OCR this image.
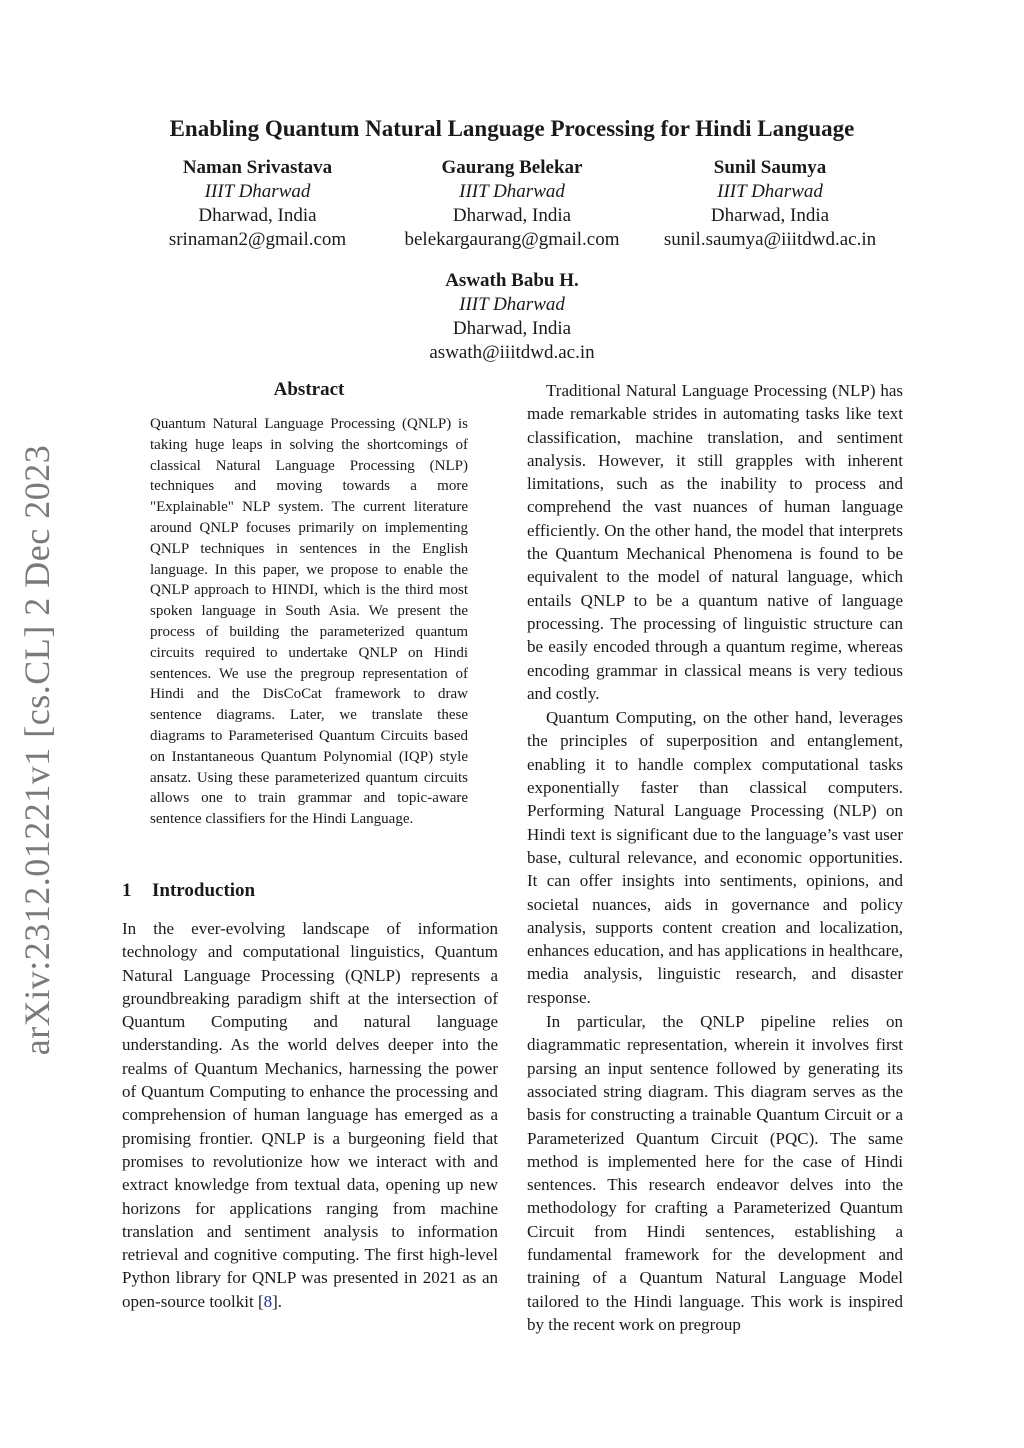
arXiv:2312.01221v1 [cs.CL] 2 Dec 2023
Enabling Quantum Natural Language Processing for Hindi Language
Naman Srivastava
IIIT Dharwad
Dharwad, India
srinaman2@gmail.com
Gaurang Belekar
IIIT Dharwad
Dharwad, India
belekargaurang@gmail.com
Sunil Saumya
IIIT Dharwad
Dharwad, India
sunil.saumya@iiitdwd.ac.in
Aswath Babu H.
IIIT Dharwad
Dharwad, India
aswath@iiitdwd.ac.in
Abstract

Quantum Natural Language Processing (QNLP) is taking huge leaps in solving the shortcomings of classical Natural Language Processing (NLP) techniques and moving towards a more "Explainable" NLP system. The current literature around QNLP focuses primarily on implementing QNLP techniques in sentences in the English language. In this paper, we propose to enable the QNLP approach to HINDI, which is the third most spoken language in South Asia. We present the process of building the parameterized quantum circuits required to undertake QNLP on Hindi sentences. We use the pregroup representation of Hindi and the DisCoCat framework to draw sentence diagrams. Later, we translate these diagrams to Parameterised Quantum Circuits based on Instantaneous Quantum Polynomial (IQP) style ansatz. Using these parameterized quantum circuits allows one to train grammar and topic-aware sentence classifiers for the Hindi Language.

1 Introduction

In the ever-evolving landscape of information technology and computational linguistics, Quantum Natural Language Processing (QNLP) represents a groundbreaking paradigm shift at the intersection of Quantum Computing and natural language understanding. As the world delves deeper into the realms of Quantum Mechanics, harnessing the power of Quantum Computing to enhance the processing and comprehension of human language has emerged as a promising frontier. QNLP is a burgeoning field that promises to revolutionize how we interact with and extract knowledge from textual data, opening up new horizons for applications ranging from machine translation and sentiment analysis to information retrieval and cognitive computing. The first high-level Python library for QNLP was presented in 2021 as an open-source toolkit [8].

Traditional Natural Language Processing (NLP) has made remarkable strides in automating tasks like text classification, machine translation, and sentiment analysis. However, it still grapples with inherent limitations, such as the inability to process and comprehend the vast nuances of human language efficiently. On the other hand, the model that interprets the Quantum Mechanical Phenomena is found to be equivalent to the model of natural language, which entails QNLP to be a quantum native of language processing. The processing of linguistic structure can be easily encoded through a quantum regime, whereas encoding grammar in classical means is very tedious and costly.

Quantum Computing, on the other hand, leverages the principles of superposition and entanglement, enabling it to handle complex computational tasks exponentially faster than classical computers. Performing Natural Language Processing (NLP) on Hindi text is significant due to the language’s vast user base, cultural relevance, and economic opportunities. It can offer insights into sentiments, opinions, and societal nuances, aids in governance and policy analysis, supports content creation and localization, enhances education, and has applications in healthcare, media analysis, linguistic research, and disaster response.

In particular, the QNLP pipeline relies on diagrammatic representation, wherein it involves first parsing an input sentence followed by generating its associated string diagram. This diagram serves as the basis for constructing a trainable Quantum Circuit or a Parameterized Quantum Circuit (PQC). The same method is implemented here for the case of Hindi sentences. This research endeavor delves into the methodology for crafting a Parameterized Quantum Circuit from Hindi sentences, establishing a fundamental framework for the development and training of a Quantum Natural Language Model tailored to the Hindi language. This work is inspired by the recent work on pregroup
